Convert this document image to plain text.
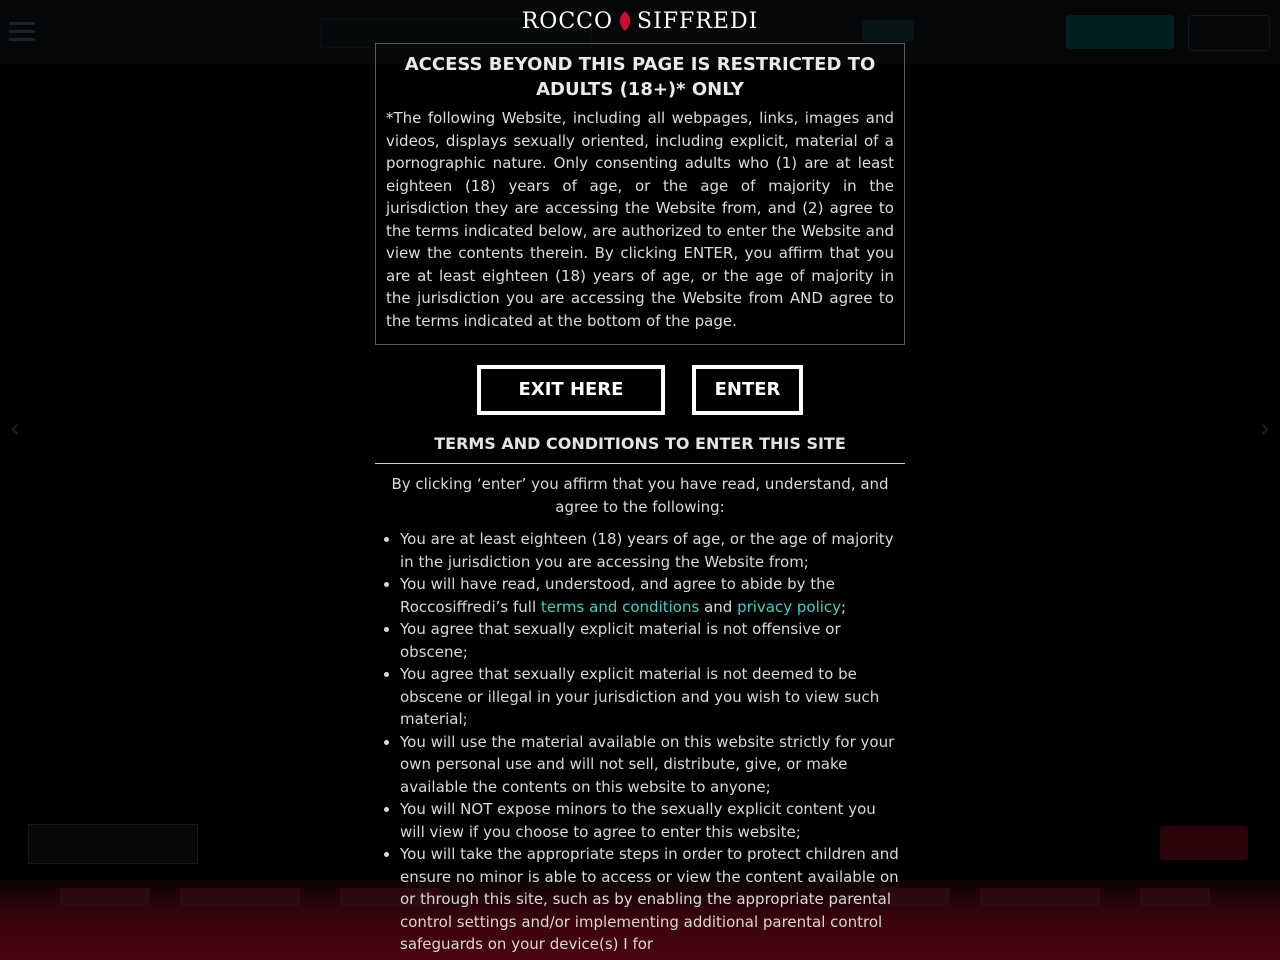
‹	›
ROCCO SIFFREDI
ACCESS BEYOND THIS PAGE IS RESTRICTED TO ADULTS (18+)* ONLY
*The following Website, including all webpages, links, images and videos, displays sexually oriented, including explicit, material of a pornographic nature. Only consenting adults who (1) are at least eighteen (18) years of age, or the age of majority in the jurisdiction they are accessing the Website from, and (2) agree to the terms indicated below, are authorized to enter the Website and view the contents therein. By clicking ENTER, you affirm that you are at least eighteen (18) years of age, or the age of majority in the jurisdiction you are accessing the Website from AND agree to the terms indicated at the bottom of the page.
EXIT HERE	ENTER
TERMS AND CONDITIONS TO ENTER THIS SITE
By clicking ‘enter’ you affirm that you have read, understand, and agree to the following:
• You are at least eighteen (18) years of age, or the age of majority in the jurisdiction you are accessing the Website from;
• You will have read, understood, and agree to abide by the Roccosiffredi’s full terms and conditions and privacy policy;
• You agree that sexually explicit material is not offensive or obscene;
• You agree that sexually explicit material is not deemed to be obscene or illegal in your jurisdiction and you wish to view such material;
• You will use the material available on this website strictly for your own personal use and will not sell, distribute, give, or make available the contents on this website to anyone;
• You will NOT expose minors to the sexually explicit content you will view if you choose to agree to enter this website;
• You will take the appropriate steps in order to protect children and ensure no minor is able to access or view the content available on or through this site, such as by enabling the appropriate parental control settings and/or implementing additional parental control safeguards on your device(s) I for
